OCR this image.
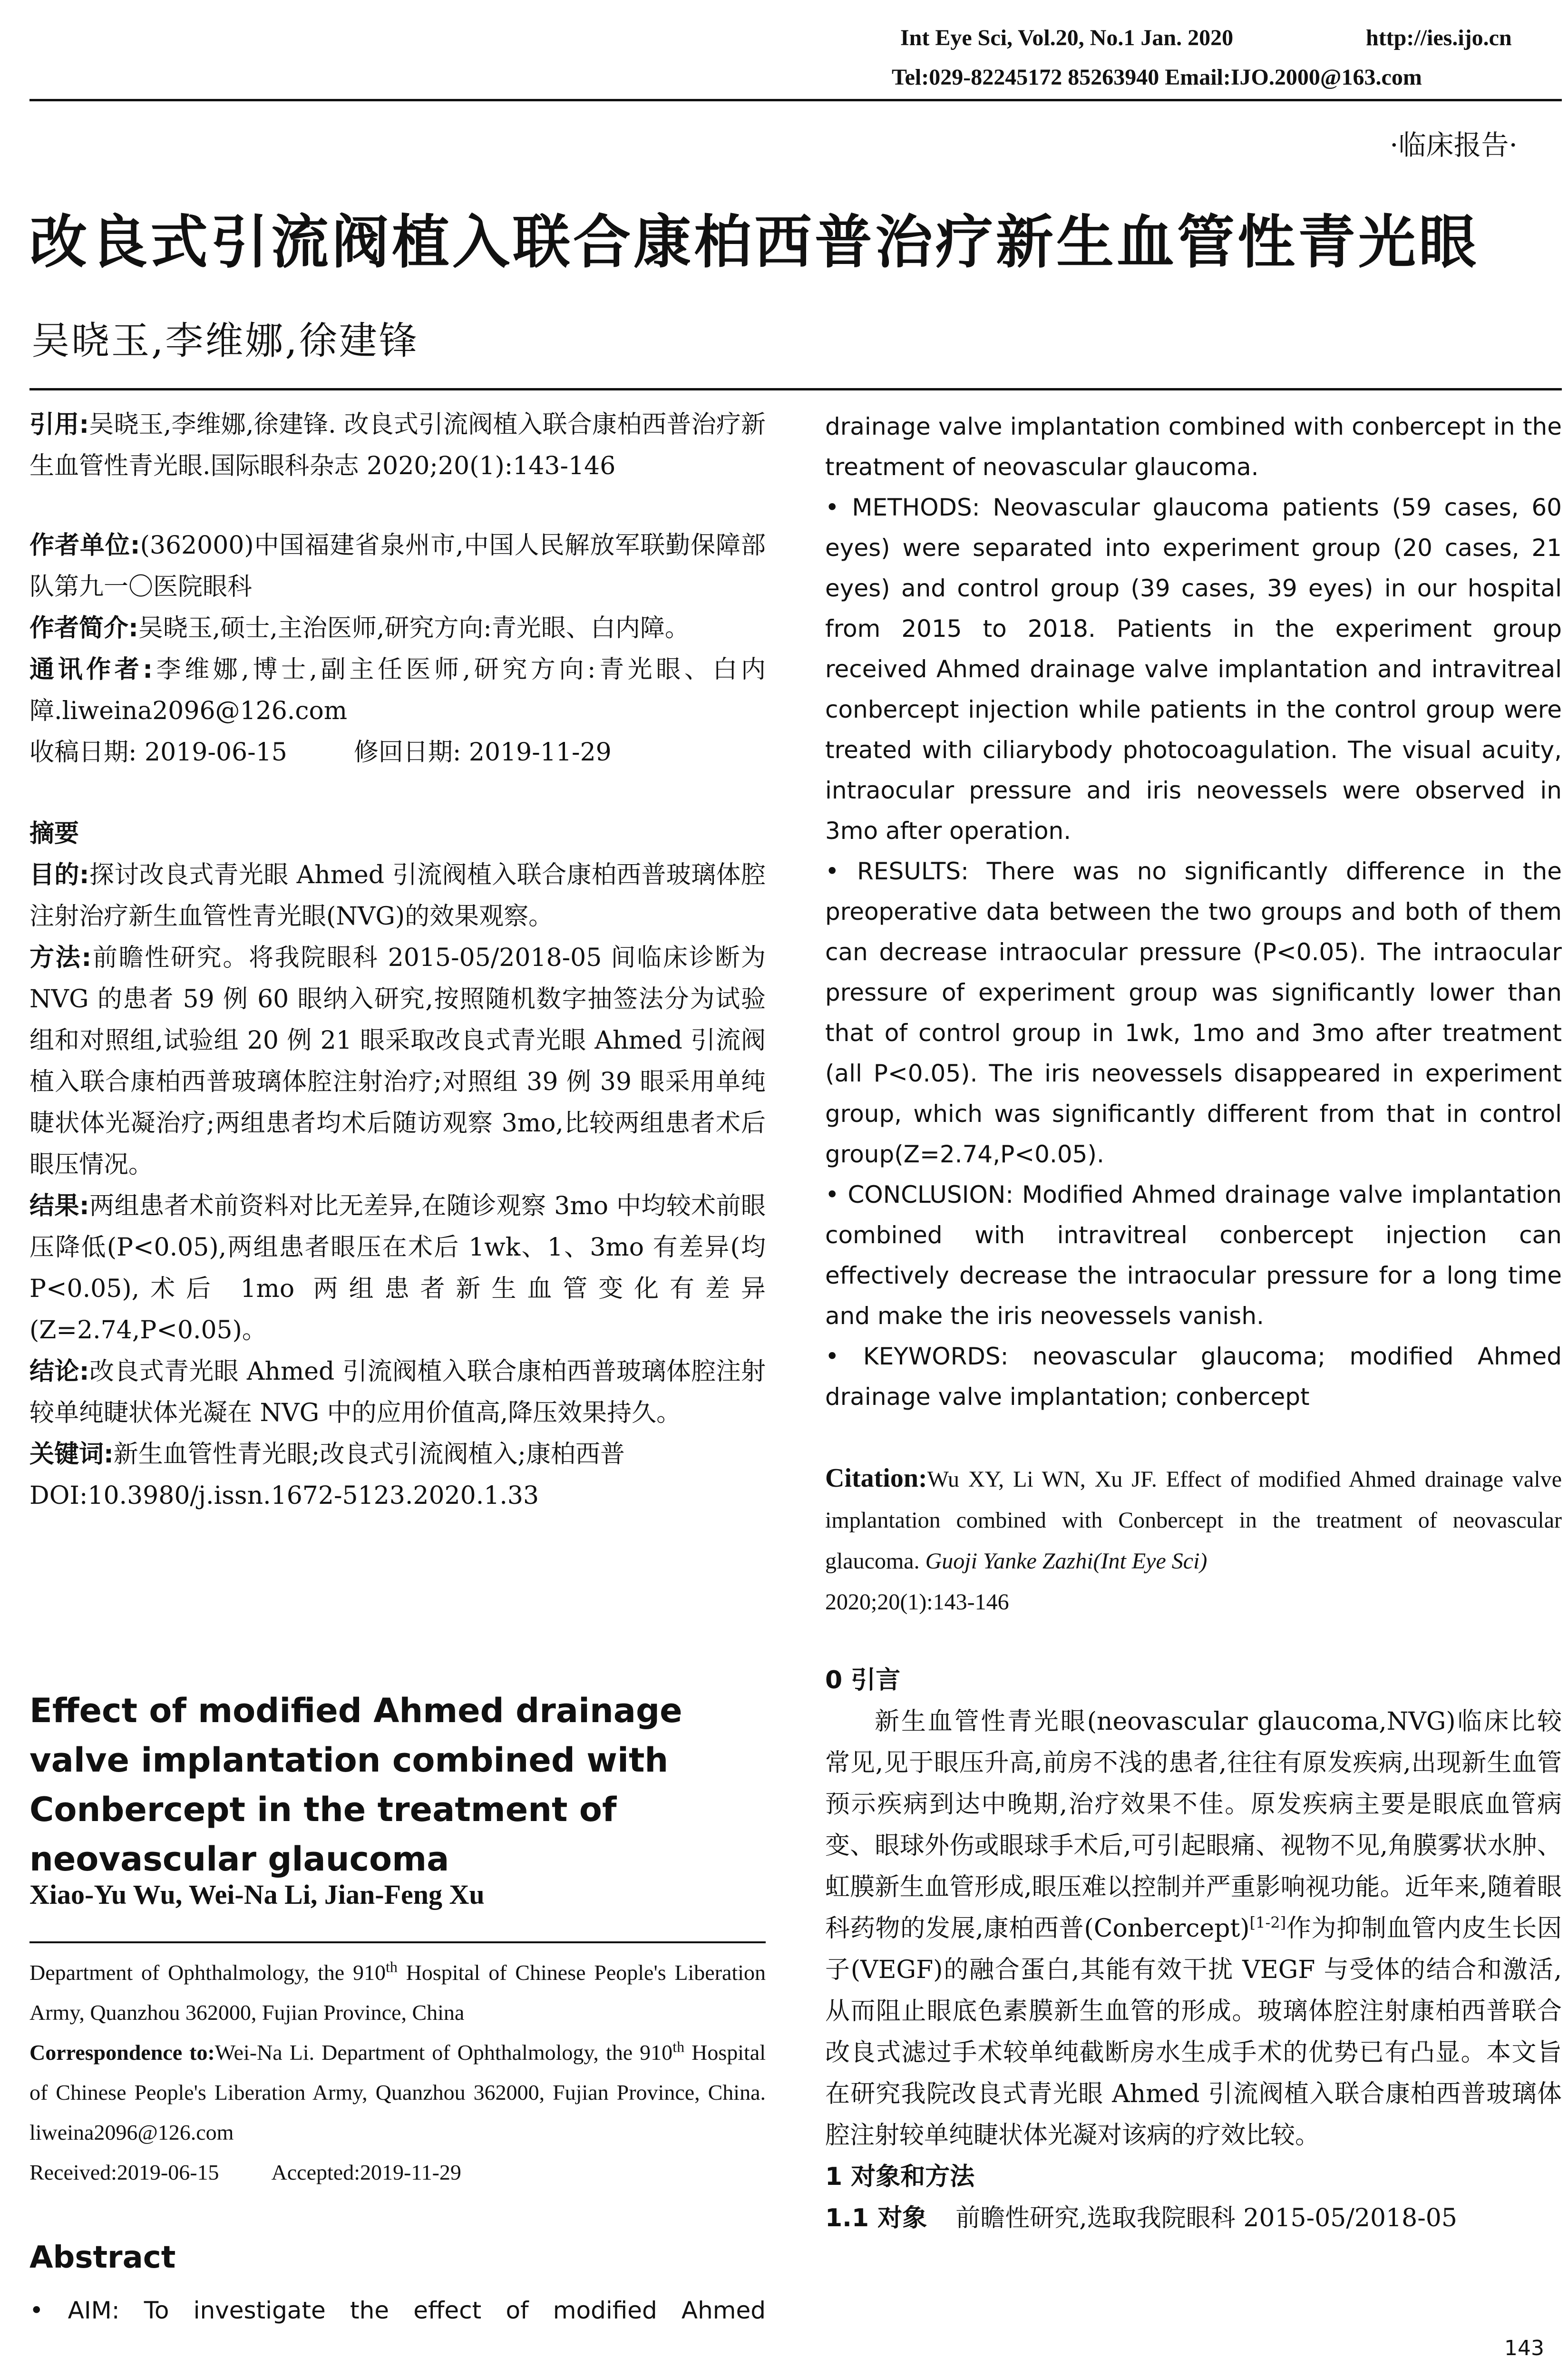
Int Eye Sci, Vol.20, No.1 Jan. 2020	http://ies.ijo.cn
Tel:029-82245172 85263940 Email:IJO.2000@163.com
·临床报告·
改良式引流阀植入联合康柏西普治疗新生血管性青光眼
吴晓玉,李维娜,徐建锋

引用:吴晓玉,李维娜,徐建锋. 改良式引流阀植入联合康柏西普治疗新生血管性青光眼.国际眼科杂志 2020;20(1):143-146

作者单位:(362000)中国福建省泉州市,中国人民解放军联勤保障部队第九一〇医院眼科

作者简介:吴晓玉,硕士,主治医师,研究方向:青光眼、白内障。

通讯作者:李维娜,博士,副主任医师,研究方向:青光眼、白内障.liweina2096@126.com

收稿日期: 2019-06-15	修回日期: 2019-11-29

摘要

目的:探讨改良式青光眼 Ahmed 引流阀植入联合康柏西普玻璃体腔注射治疗新生血管性青光眼(NVG)的效果观察。

方法:前瞻性研究。将我院眼科 2015-05/2018-05 间临床诊断为 NVG 的患者 59 例 60 眼纳入研究,按照随机数字抽签法分为试验组和对照组,试验组 20 例 21 眼采取改良式青光眼 Ahmed 引流阀植入联合康柏西普玻璃体腔注射治疗;对照组 39 例 39 眼采用单纯睫状体光凝治疗;两组患者均术后随访观察 3mo,比较两组患者术后眼压情况。

结果:两组患者术前资料对比无差异,在随诊观察 3mo 中均较术前眼压降低(P<0.05),两组患者眼压在术后 1wk、1、3mo 有差异(均 P<0.05),术后 1mo 两组患者新生血管变化有差异(Z=2.74,P<0.05)。

结论:改良式青光眼 Ahmed 引流阀植入联合康柏西普玻璃体腔注射较单纯睫状体光凝在 NVG 中的应用价值高,降压效果持久。

关键词:新生血管性青光眼;改良式引流阀植入;康柏西普

DOI:10.3980/j.issn.1672-5123.2020.1.33

Effect of modified Ahmed drainage valve implantation combined with Conbercept in the treatment of neovascular glaucoma
Xiao-Yu Wu, Wei-Na Li, Jian-Feng Xu

Department of Ophthalmology, the 910th Hospital of Chinese People's Liberation Army, Quanzhou 362000, Fujian Province, China

Correspondence to:Wei-Na Li. Department of Ophthalmology, the 910th Hospital of Chinese People's Liberation Army, Quanzhou 362000, Fujian Province, China. liweina2096@126.com

Received:2019-06-15 Accepted:2019-11-29

Abstract
• AIM: To investigate the effect of modified Ahmed

drainage valve implantation combined with conbercept in the treatment of neovascular glaucoma.

• METHODS: Neovascular glaucoma patients (59 cases, 60 eyes) were separated into experiment group (20 cases, 21 eyes) and control group (39 cases, 39 eyes) in our hospital from 2015 to 2018. Patients in the experiment group received Ahmed drainage valve implantation and intravitreal conbercept injection while patients in the control group were treated with ciliarybody photocoagulation. The visual acuity, intraocular pressure and iris neovessels were observed in 3mo after operation.

• RESULTS: There was no significantly difference in the preoperative data between the two groups and both of them can decrease intraocular pressure (P<0.05). The intraocular pressure of experiment group was significantly lower than that of control group in 1wk, 1mo and 3mo after treatment (all P<0.05). The iris neovessels disappeared in experiment group, which was significantly different from that in control group(Z=2.74,P<0.05).

• CONCLUSION: Modified Ahmed drainage valve implantation combined with intravitreal conbercept injection can effectively decrease the intraocular pressure for a long time and make the iris neovessels vanish.

• KEYWORDS: neovascular glaucoma; modified Ahmed drainage valve implantation; conbercept

Citation:Wu XY, Li WN, Xu JF. Effect of modified Ahmed drainage valve implantation combined with Conbercept in the treatment of neovascular glaucoma. Guoji Yanke Zazhi(Int Eye Sci)

2020;20(1):143-146

0 引言

新生血管性青光眼(neovascular glaucoma,NVG)临床比较常见,见于眼压升高,前房不浅的患者,往往有原发疾病,出现新生血管预示疾病到达中晚期,治疗效果不佳。原发疾病主要是眼底血管病变、眼球外伤或眼球手术后,可引起眼痛、视物不见,角膜雾状水肿、虹膜新生血管形成,眼压难以控制并严重影响视功能。近年来,随着眼科药物的发展,康柏西普(Conbercept)[1-2]作为抑制血管内皮生长因子(VEGF)的融合蛋白,其能有效干扰 VEGF 与受体的结合和激活,从而阻止眼底色素膜新生血管的形成。玻璃体腔注射康柏西普联合改良式滤过手术较单纯截断房水生成手术的优势已有凸显。本文旨在研究我院改良式青光眼 Ahmed 引流阀植入联合康柏西普玻璃体腔注射较单纯睫状体光凝对该病的疗效比较。

1 对象和方法

1.1 对象 前瞻性研究,选取我院眼科 2015-05/2018-05

143
